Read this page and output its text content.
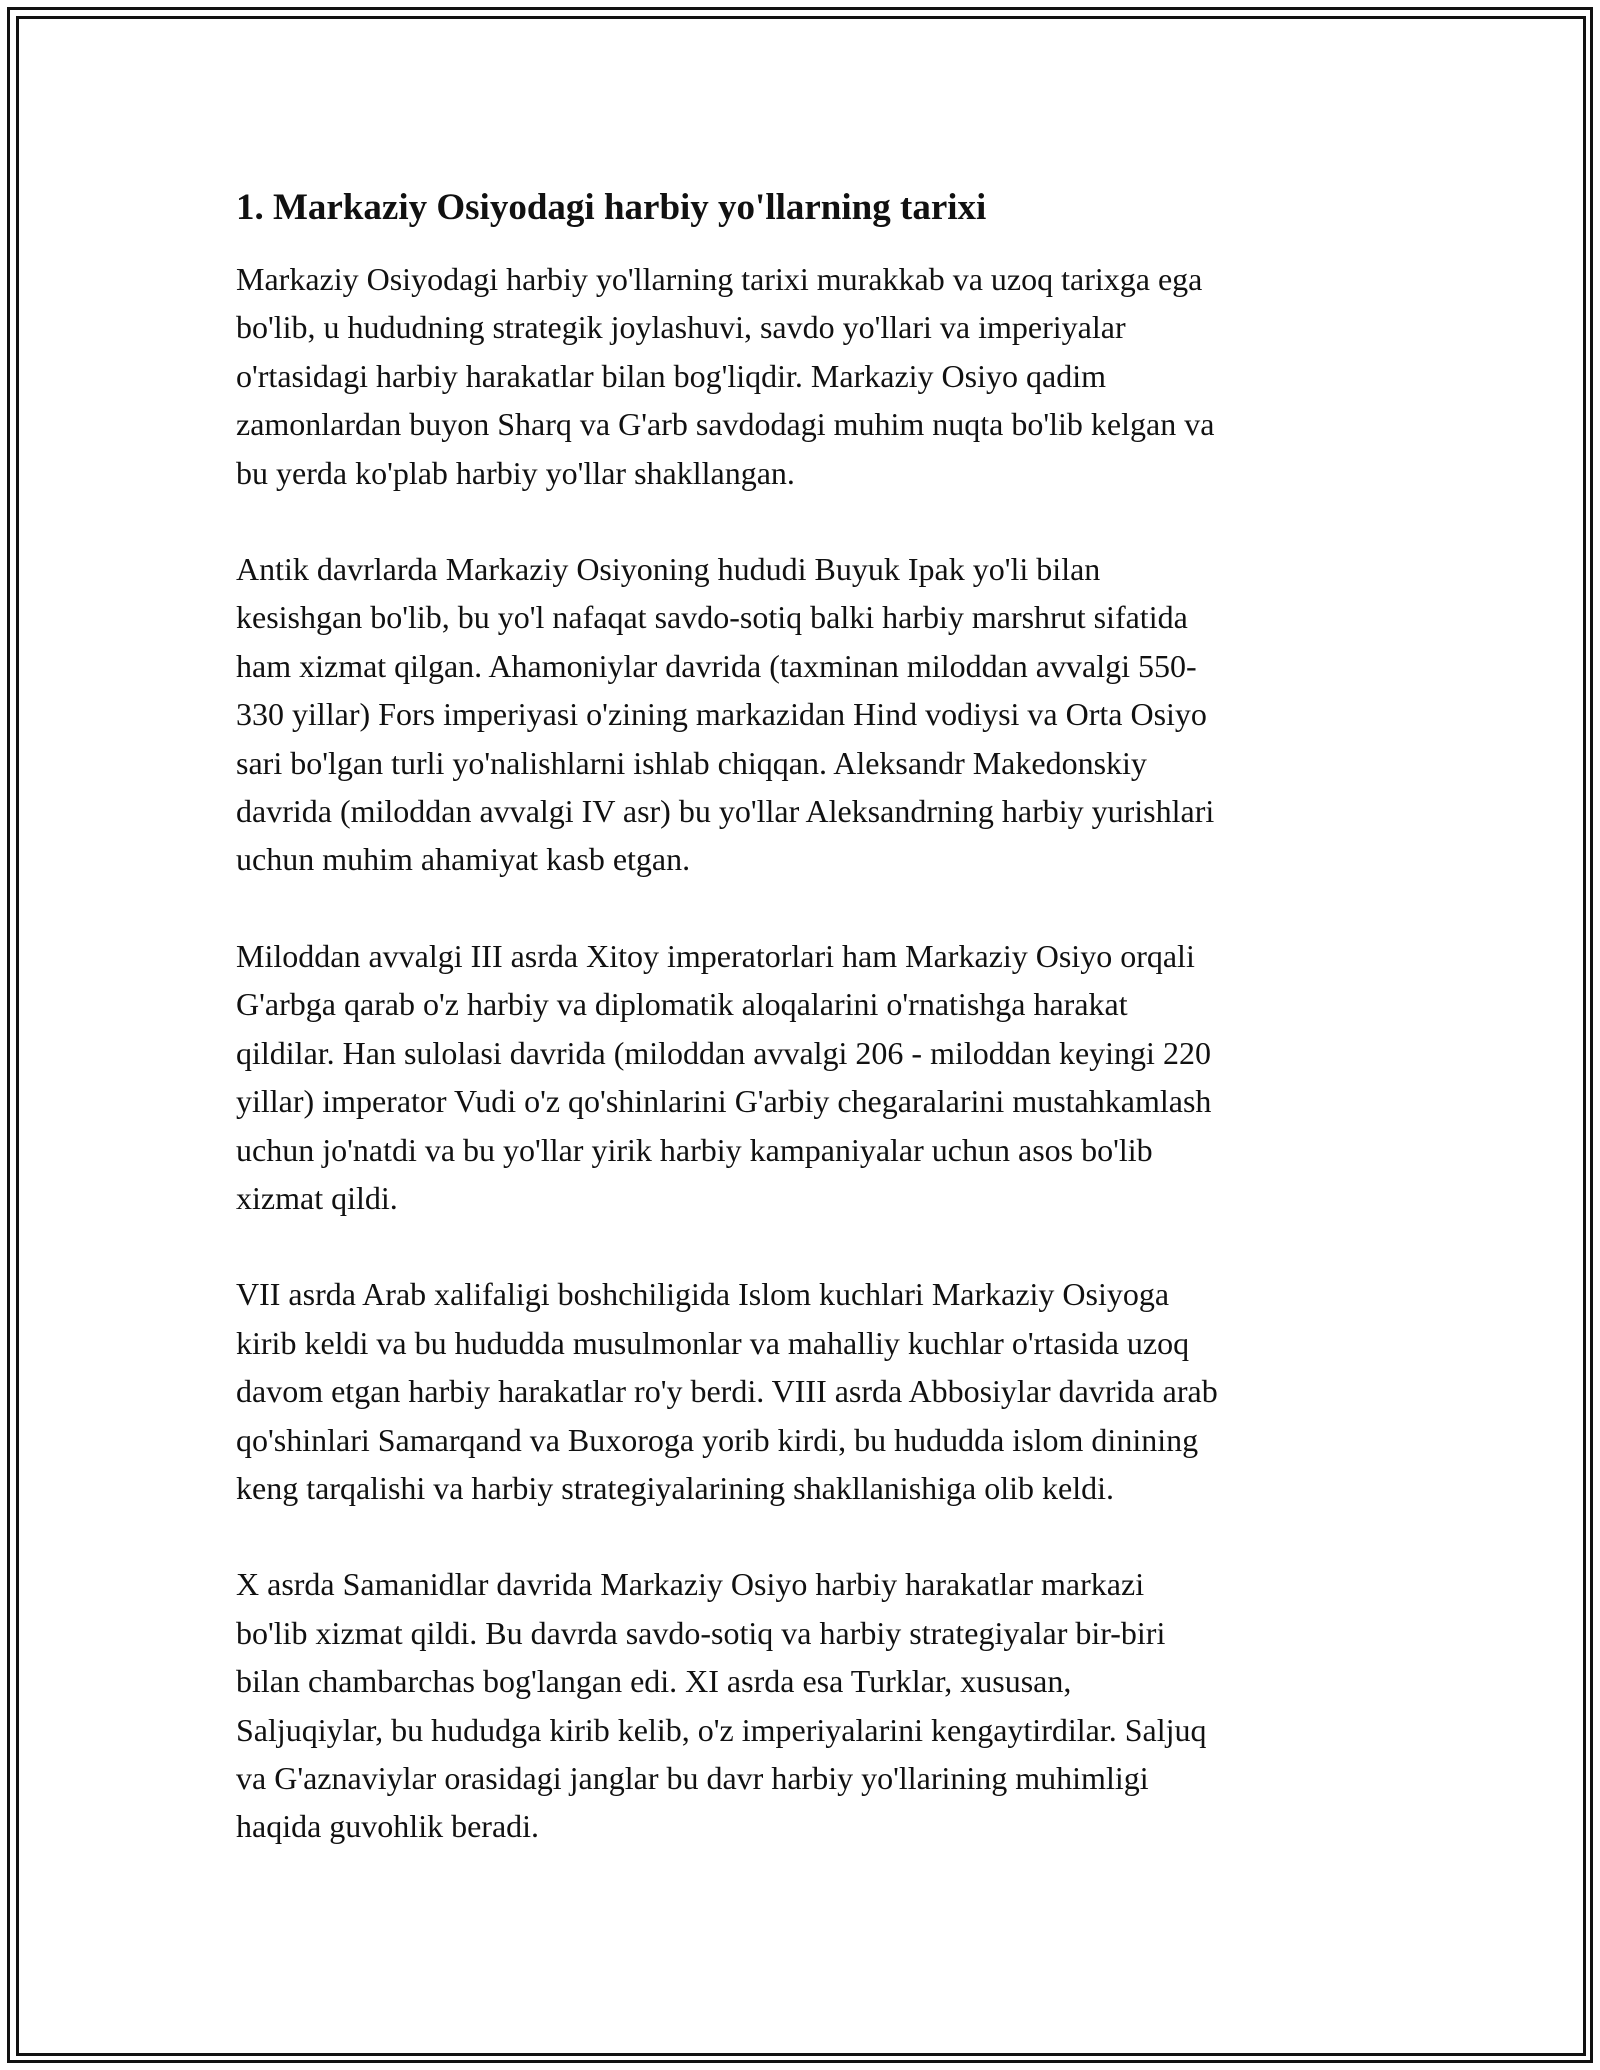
1. Markaziy Osiyodagi harbiy yo'llarning tarixi

Markaziy Osiyodagi harbiy yo'llarning tarixi murakkab va uzoq tarixga ega
bo'lib, u hududning strategik joylashuvi, savdo yo'llari va imperiyalar
o'rtasidagi harbiy harakatlar bilan bog'liqdir. Markaziy Osiyo qadim
zamonlardan buyon Sharq va G'arb savdodagi muhim nuqta bo'lib kelgan va
bu yerda ko'plab harbiy yo'llar shakllangan.

Antik davrlarda Markaziy Osiyoning hududi Buyuk Ipak yo'li bilan
kesishgan bo'lib, bu yo'l nafaqat savdo-sotiq balki harbiy marshrut sifatida
ham xizmat qilgan. Ahamoniylar davrida (taxminan miloddan avvalgi 550-
330 yillar) Fors imperiyasi o'zining markazidan Hind vodiysi va Orta Osiyo
sari bo'lgan turli yo'nalishlarni ishlab chiqqan. Aleksandr Makedonskiy
davrida (miloddan avvalgi IV asr) bu yo'llar Aleksandrning harbiy yurishlari
uchun muhim ahamiyat kasb etgan.

Miloddan avvalgi III asrda Xitoy imperatorlari ham Markaziy Osiyo orqali
G'arbga qarab o'z harbiy va diplomatik aloqalarini o'rnatishga harakat
qildilar. Han sulolasi davrida (miloddan avvalgi 206 - miloddan keyingi 220
yillar) imperator Vudi o'z qo'shinlarini G'arbiy chegaralarini mustahkamlash
uchun jo'natdi va bu yo'llar yirik harbiy kampaniyalar uchun asos bo'lib
xizmat qildi.

VII asrda Arab xalifaligi boshchiligida Islom kuchlari Markaziy Osiyoga
kirib keldi va bu hududda musulmonlar va mahalliy kuchlar o'rtasida uzoq
davom etgan harbiy harakatlar ro'y berdi. VIII asrda Abbosiylar davrida arab
qo'shinlari Samarqand va Buxoroga yorib kirdi, bu hududda islom dinining
keng tarqalishi va harbiy strategiyalarining shakllanishiga olib keldi.

X asrda Samanidlar davrida Markaziy Osiyo harbiy harakatlar markazi
bo'lib xizmat qildi. Bu davrda savdo-sotiq va harbiy strategiyalar bir-biri
bilan chambarchas bog'langan edi. XI asrda esa Turklar, xususan,
Saljuqiylar, bu hududga kirib kelib, o'z imperiyalarini kengaytirdilar. Saljuq
va G'aznaviylar orasidagi janglar bu davr harbiy yo'llarining muhimligi
haqida guvohlik beradi.
